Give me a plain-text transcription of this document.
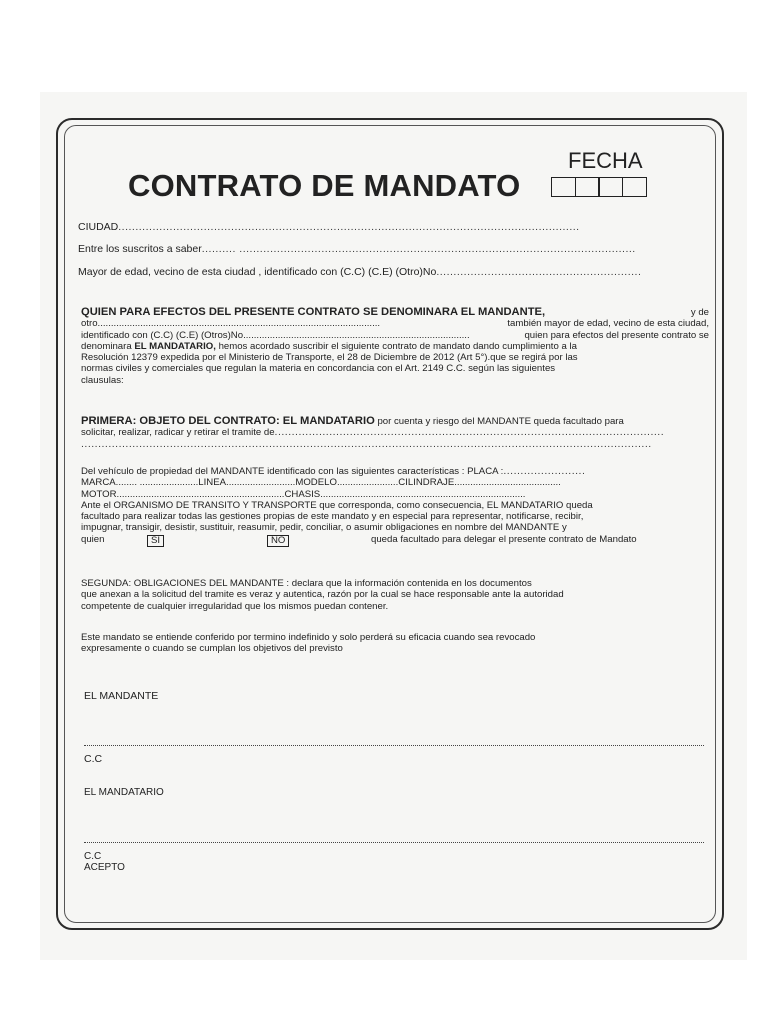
CONTRATO DE MANDATO
FECHA
CIUDAD.......................................................................................................................................
Entre los suscritos a saber.......... ....................................................................................................................
Mayor de edad, vecino de esta ciudad , identificado con (C.C) (C.E) (Otro)No............................................................
QUIEN PARA EFECTOS DEL PRESENTE CONTRATO SE DENOMINARA EL MANDANTE,	y de
otro..........................................................................................................	también mayor de edad, vecino de esta ciudad,
identificado con (C.C) (C.E) (Otros)No.....................................................................................	quien para efectos del presente contrato se
denominara EL MANDATARIO, hemos acordado suscribir el siguiente contrato de mandato dando cumplimiento a la
Resolución 12379 expedida por el Ministerio de Transporte, el 28 de Diciembre de 2012 (Art 5°).que se regirá por las
normas civiles y comerciales que regulan la materia en concordancia con el Art. 2149 C.C. según las siguientes
clausulas:
PRIMERA: OBJETO DEL CONTRATO: EL MANDATARIO por cuenta y riesgo del MANDANTE queda facultado para
solicitar, realizar, radicar y retirar el tramite de..................................................................................................................
.......................................................................................................................................................................
Del vehículo de propiedad del MANDANTE identificado con las siguientes características : PLACA :........................
MARCA........ ......................LINEA..........................MODELO.......................CILINDRAJE........................................
MOTOR...............................................................CHASIS.............................................................................
Ante el ORGANISMO DE TRANSITO Y TRANSPORTE que corresponda, como consecuencia, EL MANDATARIO queda
facultado para realizar todas las gestiones propias de este mandato y en especial para representar, notificarse, recibir,
impugnar, transigir, desistir, sustituir, reasumir, pedir, conciliar, o asumir obligaciones en nombre del MANDANTE y
quien	SI	NO	queda facultado para delegar el presente contrato de Mandato
SEGUNDA: OBLIGACIONES DEL MANDANTE : declara que la información contenida en los documentos
que anexan a la solicitud del tramite es veraz y autentica, razón por la cual se hace responsable ante la autoridad
competente de cualquier irregularidad que los mismos puedan contener.
Este mandato se entiende conferido por termino indefinido y solo perderá su eficacia cuando sea revocado
expresamente o cuando se cumplan los objetivos del previsto
EL MANDANTE
C.C
EL MANDATARIO
C.C
ACEPTO
